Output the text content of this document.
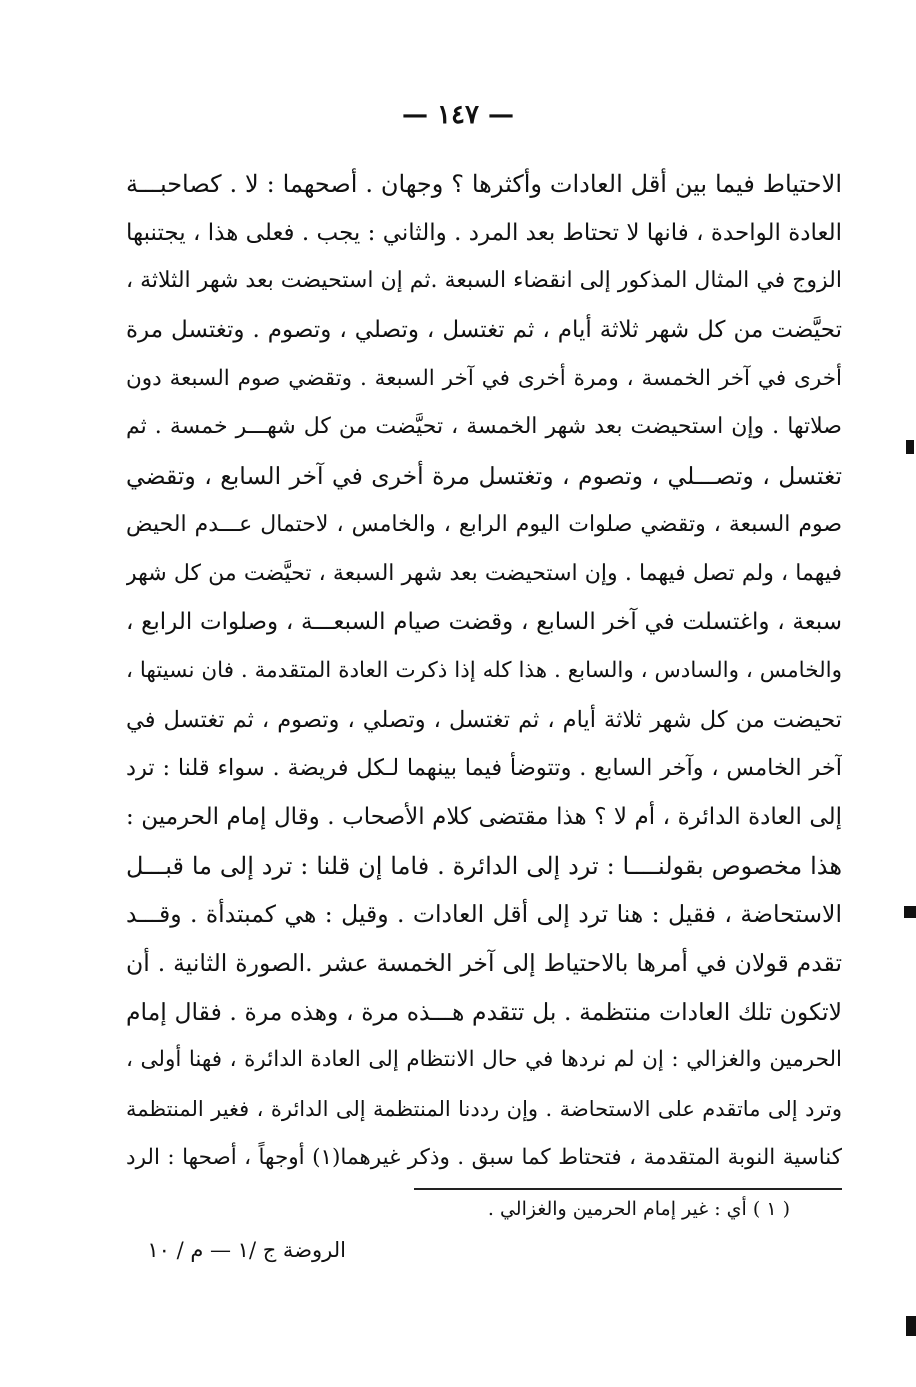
— ١٤٧ —
الاحتياط فيما بين أقل العادات وأكثرها ؟ وجهان . أصحهما : لا . كصاحبـــة
العادة الواحدة ، فانها لا تحتاط بعد المرد . والثاني : يجب . فعلى هذا ، يجتنبها
الزوج في المثال المذكور إلى انقضاء السبعة .ثم إن استحيضت بعد شهر الثلاثة ،
تحيَّضت من كل شهر ثلاثة أيام ، ثم تغتسل ، وتصلي ، وتصوم . وتغتسل مرة
أخرى في آخر الخمسة ، ومرة أخرى في آخر السبعة . وتقضي صوم السبعة دون
صلاتها . وإن استحيضت بعد شهر الخمسة ، تحيَّضت من كل شهـــر خمسة . ثم
تغتسل ، وتصـــلي ، وتصوم ، وتغتسل مرة أخرى في آخر السابع ، وتقضي
صوم السبعة ، وتقضي صلوات اليوم الرابع ، والخامس ، لاحتمال عـــدم الحيض
فيهما ، ولم تصل فيهما . وإن استحيضت بعد شهر السبعة ، تحيَّضت من كل شهر
سبعة ، واغتسلت في آخر السابع ، وقضت صيام السبعـــة ، وصلوات الرابع ،
والخامس ، والسادس ، والسابع . هذا كله إذا ذكرت العادة المتقدمة . فان نسيتها ،
تحيضت من كل شهر ثلاثة أيام ، ثم تغتسل ، وتصلي ، وتصوم ، ثم تغتسل في
آخر الخامس ، وآخر السابع . وتتوضأ فيما بينهما لـكل فريضة . سواء قلنا : ترد
إلى العادة الدائرة ، أم لا ؟ هذا مقتضى كلام الأصحاب . وقال إمام الحرمين :
هذا مخصوص بقولنــــا : ترد إلى الدائرة . فاما إن قلنا : ترد إلى ما قبـــل
الاستحاضة ، فقيل : هنا ترد إلى أقل العادات . وقيل : هي كمبتدأة . وقـــد
تقدم قولان في أمرها بالاحتياط إلى آخر الخمسة عشر .الصورة الثانية . أن
لاتكون تلك العادات منتظمة . بل تتقدم هـــذه مرة ، وهذه مرة . فقال إمام
الحرمين والغزالي : إن لم نردها في حال الانتظام إلى العادة الدائرة ، فهنا أولى ،
وترد إلى ماتقدم على الاستحاضة . وإن رددنا المنتظمة إلى الدائرة ، فغير المنتظمة
كناسية النوبة المتقدمة ، فتحتاط كما سبق . وذكر غيرهما(١) أوجهاً ، أصحها : الرد
( ١ ) أي : غير إمام الحرمين والغزالي .
الروضة ج /١ — م / ١٠
